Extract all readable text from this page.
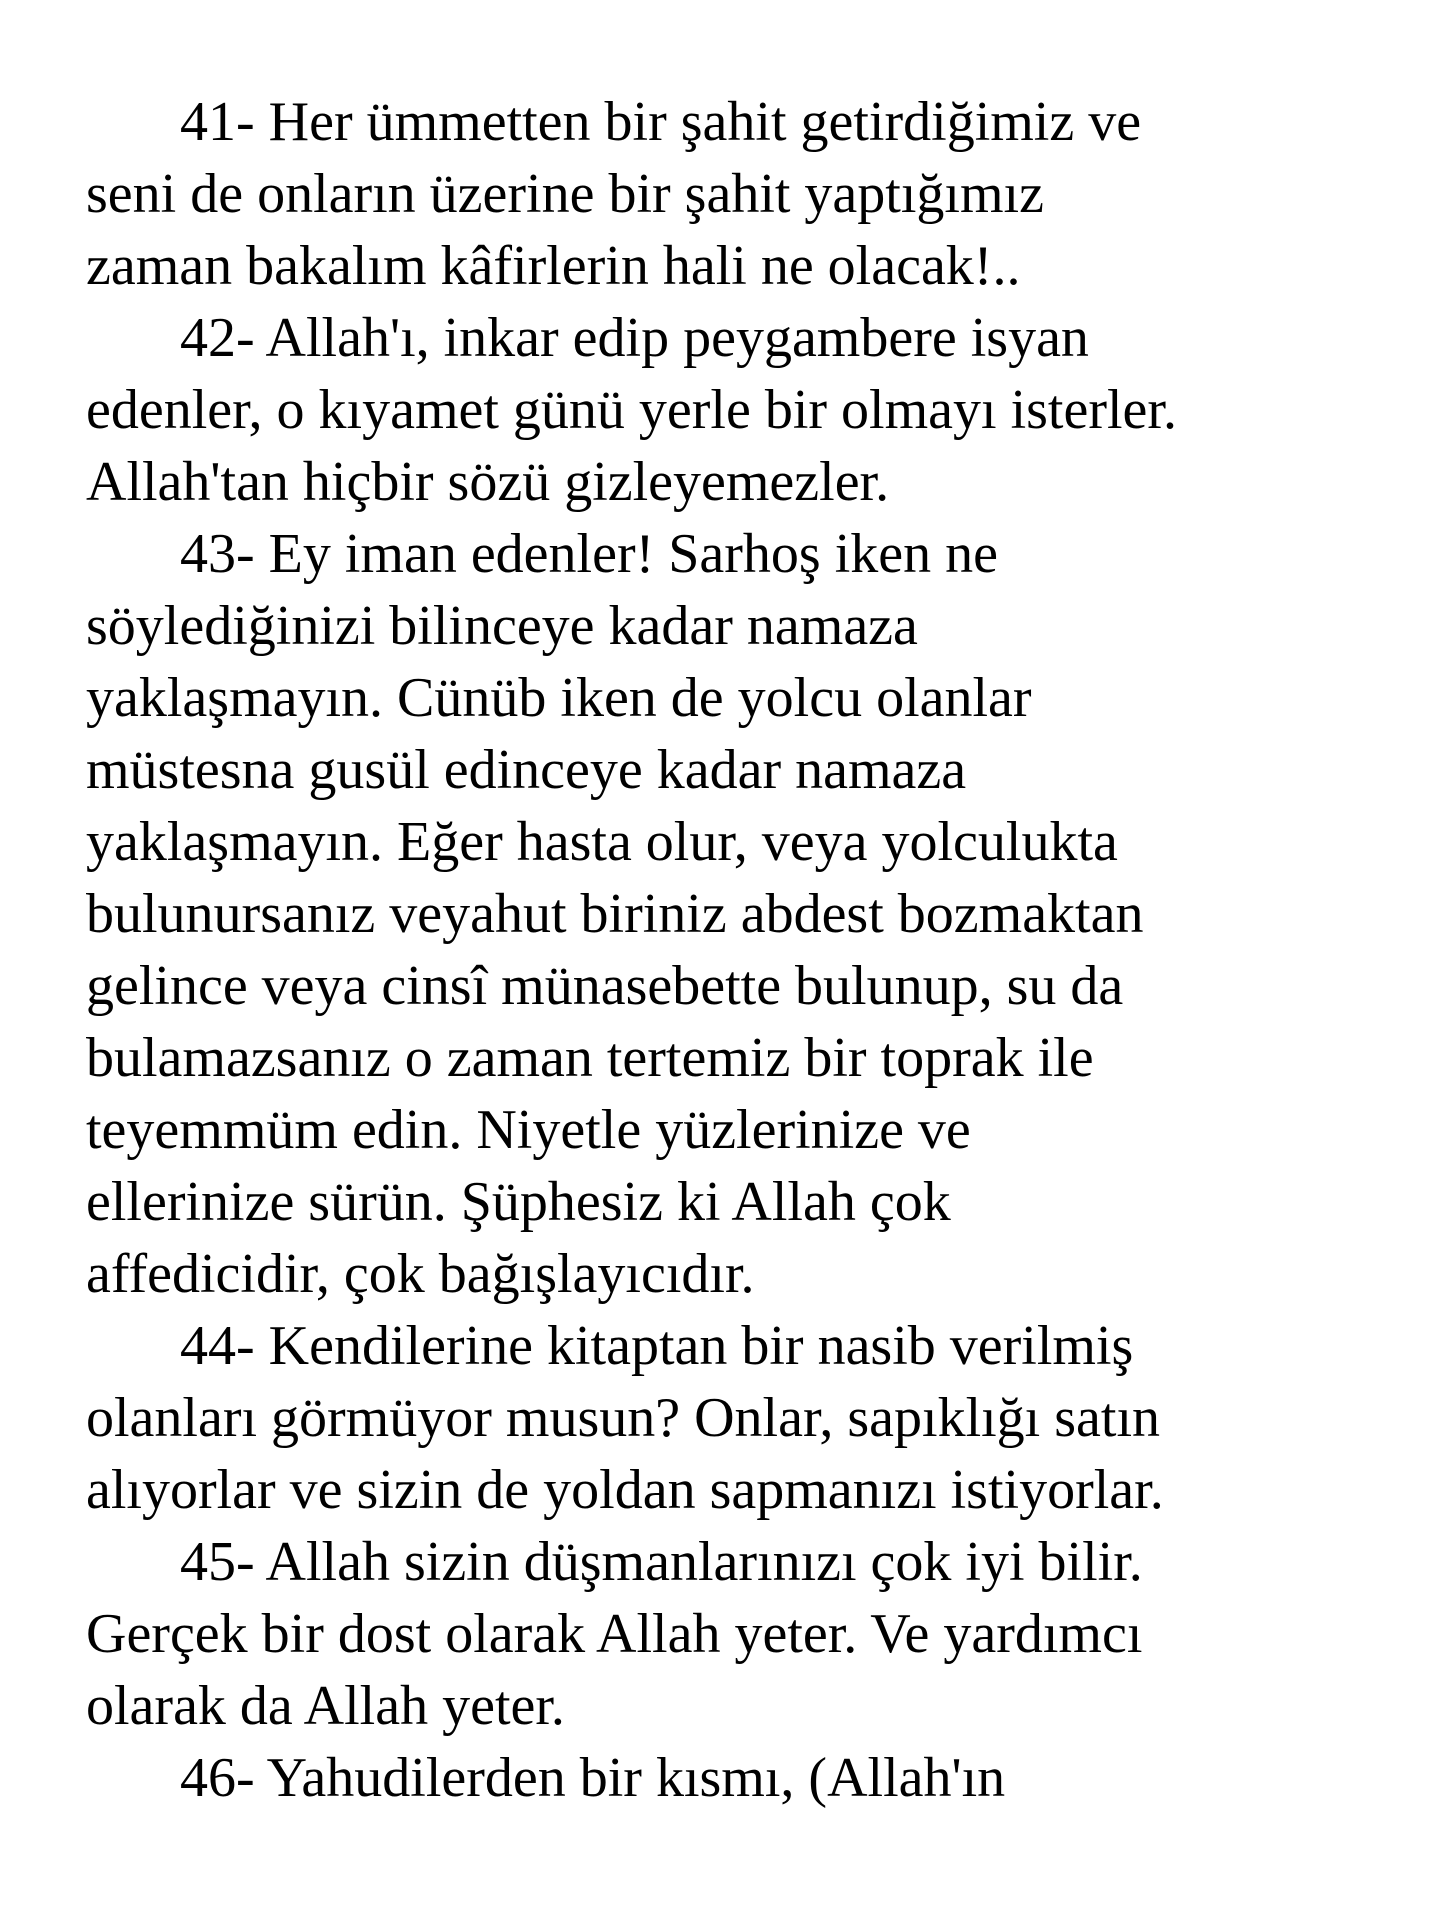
41- Her ümmetten bir şahit getirdiğimiz ve
seni de onların üzerine bir şahit yaptığımız
zaman bakalım kâfirlerin hali ne olacak!..
42- Allah'ı, inkar edip peygambere isyan
edenler, o kıyamet günü yerle bir olmayı isterler.
Allah'tan hiçbir sözü gizleyemezler.
43- Ey iman edenler! Sarhoş iken ne
söylediğinizi bilinceye kadar namaza
yaklaşmayın. Cünüb iken de yolcu olanlar
müstesna gusül edinceye kadar namaza
yaklaşmayın. Eğer hasta olur, veya yolculukta
bulunursanız veyahut biriniz abdest bozmaktan
gelince veya cinsî münasebette bulunup, su da
bulamazsanız o zaman tertemiz bir toprak ile
teyemmüm edin. Niyetle yüzlerinize ve
ellerinize sürün. Şüphesiz ki Allah çok
affedicidir, çok bağışlayıcıdır.
44- Kendilerine kitaptan bir nasib verilmiş
olanları görmüyor musun? Onlar, sapıklığı satın
alıyorlar ve sizin de yoldan sapmanızı istiyorlar.
45- Allah sizin düşmanlarınızı çok iyi bilir.
Gerçek bir dost olarak Allah yeter. Ve yardımcı
olarak da Allah yeter.
46- Yahudilerden bir kısmı, (Allah'ın
